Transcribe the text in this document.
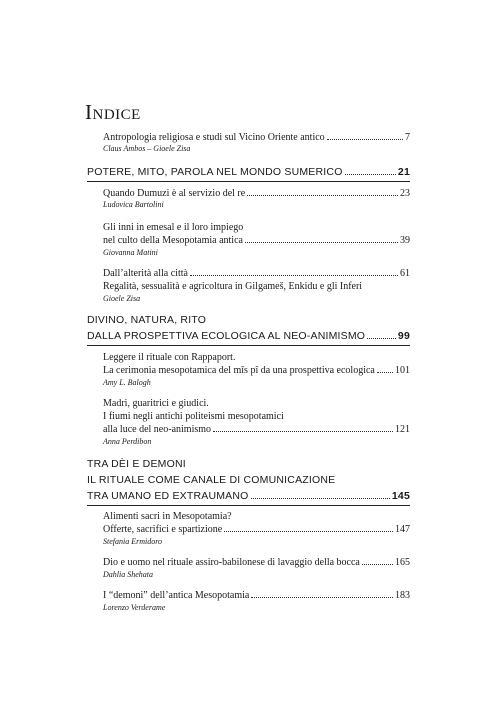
Indice
Antropologia religiosa e studi sul Vicino Oriente antico	7
Claus Ambos – Gioele Zisa
POTERE, MITO, PAROLA NEL MONDO SUMERICO	21
Quando Dumuzi è al servizio del re	23
Ludovica Bartolini
Gli inni in emesal e il loro impiego
nel culto della Mesopotamia antica	39
Giovanna Matini
Dall’alterità alla città	61
Regalità, sessualità e agricoltura in Gilgameš, Enkidu e gli Inferi
Gioele Zisa
DIVINO, NATURA, RITO
DALLA PROSPETTIVA ECOLOGICA AL NEO-ANIMISMO	99
Leggere il rituale con Rappaport.
La cerimonia mesopotamica del mīs pî da una prospettiva ecologica 101
Amy L. Balogh
Madri, guaritrici e giudici.
I fiumi negli antichi politeismi mesopotamici
alla luce del neo-animismo	121
Anna Perdibon
TRA DÈI E DEMONI
IL RITUALE COME CANALE DI COMUNICAZIONE
TRA UMANO ED EXTRAUMANO	145
Alimenti sacri in Mesopotamia?
Offerte, sacrifici e spartizione	147
Stefania Ermidoro
Dio e uomo nel rituale assiro-babilonese di lavaggio della bocca	165
Dahlia Shehata
I “demoni” dell’antica Mesopotamia	183
Lorenzo Verderame
